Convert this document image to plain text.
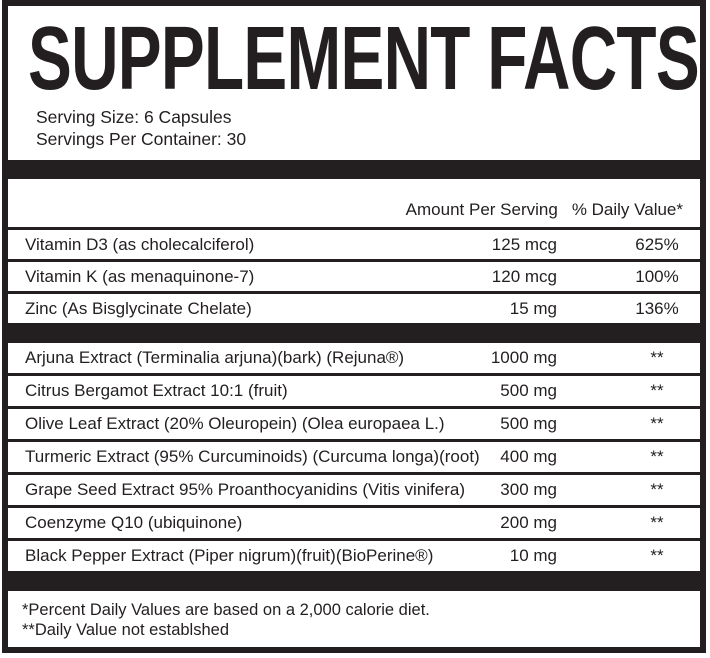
SUPPLEMENT FACTS
Serving Size: 6 Capsules
Servings Per Container: 30
Amount Per Serving % Daily Value*
Vitamin D3 (as cholecalciferol)	125 mcg	625%
Vitamin K (as menaquinone-7)	120 mcg	100%
Zinc (As Bisglycinate Chelate)	15 mg	136%
Arjuna Extract (Terminalia arjuna)(bark) (Rejuna®)	1000 mg	**
Citrus Bergamot Extract 10:1 (fruit)	500 mg	**
Olive Leaf Extract (20% Oleuropein) (Olea europaea L.)	500 mg	**
Turmeric Extract (95% Curcuminoids) (Curcuma longa)(root)	400 mg	**
Grape Seed Extract 95% Proanthocyanidins (Vitis vinifera)	300 mg	**
Coenzyme Q10 (ubiquinone)	200 mg	**
Black Pepper Extract (Piper nigrum)(fruit)(BioPerine®)	10 mg	**
*Percent Daily Values are based on a 2,000 calorie diet.
**Daily Value not establshed
